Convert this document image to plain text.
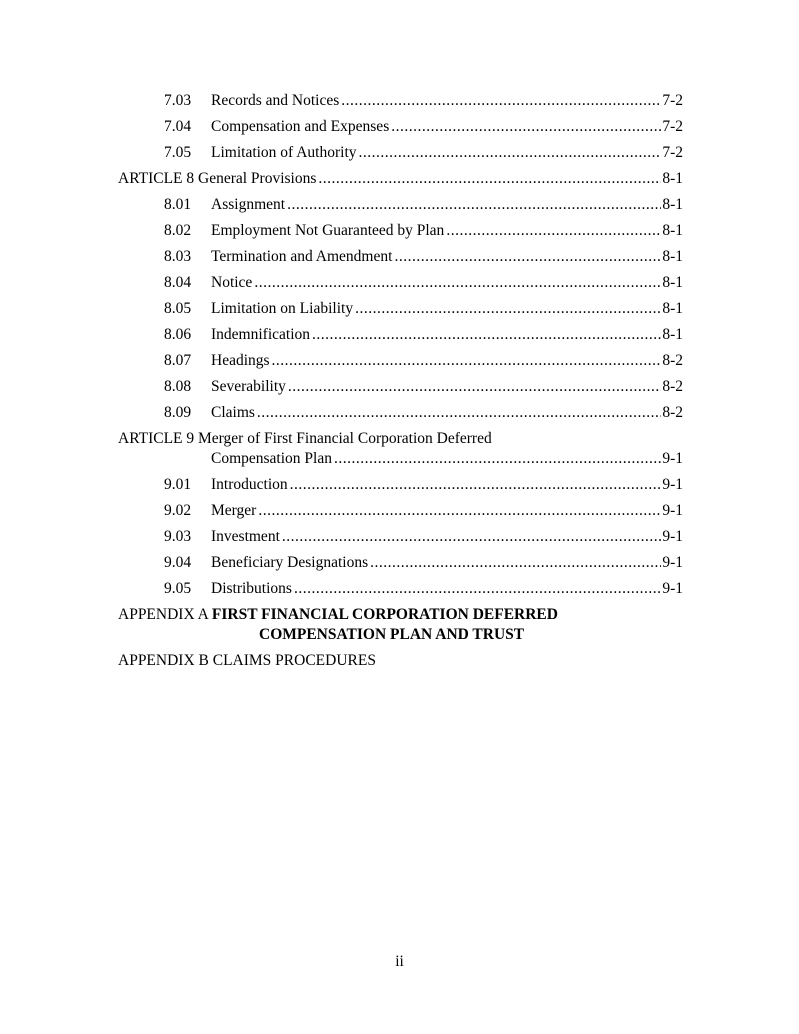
7.03	Records and Notices .....	7-2
7.04	Compensation and Expenses .....	7-2
7.05	Limitation of Authority .....	7-2
ARTICLE 8 General Provisions .....	8-1
8.01	Assignment .....	8-1
8.02	Employment Not Guaranteed by Plan .....	8-1
8.03	Termination and Amendment .....	8-1
8.04	Notice .....	8-1
8.05	Limitation on Liability .....	8-1
8.06	Indemnification .....	8-1
8.07	Headings .....	8-2
8.08	Severability .....	8-2
8.09	Claims .....	8-2
ARTICLE 9 Merger of First Financial Corporation Deferred
Compensation Plan .....	9-1
9.01	Introduction .....	9-1
9.02	Merger .....	9-1
9.03	Investment .....	9-1
9.04	Beneficiary Designations .....	9-1
9.05	Distributions .....	9-1
APPENDIX A FIRST FINANCIAL CORPORATION DEFERRED
COMPENSATION PLAN AND TRUST
APPENDIX B CLAIMS PROCEDURES
ii
